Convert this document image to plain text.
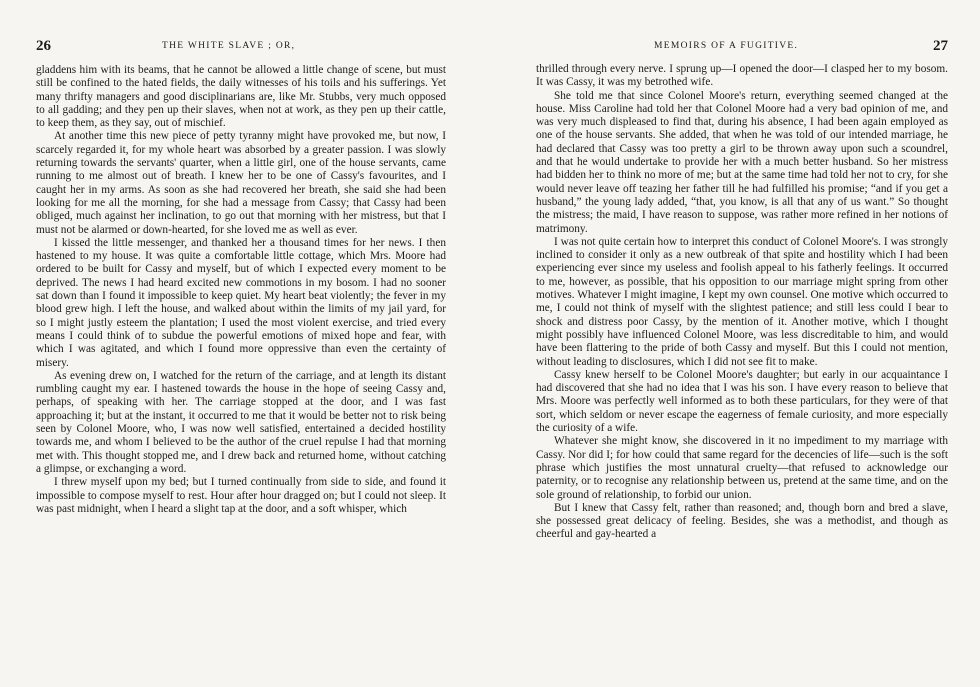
26	THE WHITE SLAVE ; OR,

gladdens him with its beams, that he cannot be allowed a little change of scene, but must still be confined to the hated fields, the daily witnesses of his toils and his sufferings. Yet many thrifty managers and good disciplinarians are, like Mr. Stubbs, very much opposed to all gadding; and they pen up their slaves, when not at work, as they pen up their cattle, to keep them, as they say, out of mischief.

At another time this new piece of petty tyranny might have provoked me, but now, I scarcely regarded it, for my whole heart was absorbed by a greater passion. I was slowly returning towards the servants' quarter, when a little girl, one of the house servants, came running to me almost out of breath. I knew her to be one of Cassy's favourites, and I caught her in my arms. As soon as she had recovered her breath, she said she had been looking for me all the morning, for she had a message from Cassy; that Cassy had been obliged, much against her inclination, to go out that morning with her mistress, but that I must not be alarmed or down-hearted, for she loved me as well as ever.

I kissed the little messenger, and thanked her a thousand times for her news. I then hastened to my house. It was quite a comfortable little cottage, which Mrs. Moore had ordered to be built for Cassy and myself, but of which I expected every moment to be deprived. The news I had heard excited new commotions in my bosom. I had no sooner sat down than I found it impossible to keep quiet. My heart beat violently; the fever in my blood grew high. I left the house, and walked about within the limits of my jail yard, for so I might justly esteem the plantation; I used the most violent exercise, and tried every means I could think of to subdue the powerful emotions of mixed hope and fear, with which I was agitated, and which I found more oppressive than even the certainty of misery.

As evening drew on, I watched for the return of the carriage, and at length its distant rumbling caught my ear. I hastened towards the house in the hope of seeing Cassy and, perhaps, of speaking with her. The carriage stopped at the door, and I was fast approaching it; but at the instant, it occurred to me that it would be better not to risk being seen by Colonel Moore, who, I was now well satisfied, entertained a decided hostility towards me, and whom I believed to be the author of the cruel repulse I had that morning met with. This thought stopped me, and I drew back and returned home, without catching a glimpse, or exchanging a word.

I threw myself upon my bed; but I turned continually from side to side, and found it impossible to compose myself to rest. Hour after hour dragged on; but I could not sleep. It was past midnight, when I heard a slight tap at the door, and a soft whisper, which

MEMOIRS OF A FUGITIVE.	27

thrilled through every nerve. I sprung up—I opened the door—I clasped her to my bosom. It was Cassy, it was my betrothed wife.

She told me that since Colonel Moore's return, everything seemed changed at the house. Miss Caroline had told her that Colonel Moore had a very bad opinion of me, and was very much displeased to find that, during his absence, I had been again employed as one of the house servants. She added, that when he was told of our intended marriage, he had declared that Cassy was too pretty a girl to be thrown away upon such a scoundrel, and that he would undertake to provide her with a much better husband. So her mistress had bidden her to think no more of me; but at the same time had told her not to cry, for she would never leave off teazing her father till he had fulfilled his promise; “and if you get a husband,” the young lady added, “that, you know, is all that any of us want.” So thought the mistress; the maid, I have reason to suppose, was rather more refined in her notions of matrimony.

I was not quite certain how to interpret this conduct of Colonel Moore's. I was strongly inclined to consider it only as a new outbreak of that spite and hostility which I had been experiencing ever since my useless and foolish appeal to his fatherly feelings. It occurred to me, however, as possible, that his opposition to our marriage might spring from other motives. Whatever I might imagine, I kept my own counsel. One motive which occurred to me, I could not think of myself with the slightest patience; and still less could I bear to shock and distress poor Cassy, by the mention of it. Another motive, which I thought might possibly have influenced Colonel Moore, was less discreditable to him, and would have been flattering to the pride of both Cassy and myself. But this I could not mention, without leading to disclosures, which I did not see fit to make.

Cassy knew herself to be Colonel Moore's daughter; but early in our acquaintance I had discovered that she had no idea that I was his son. I have every reason to believe that Mrs. Moore was perfectly well informed as to both these particulars, for they were of that sort, which seldom or never escape the eagerness of female curiosity, and more especially the curiosity of a wife.

Whatever she might know, she discovered in it no impediment to my marriage with Cassy. Nor did I; for how could that same regard for the decencies of life—such is the soft phrase which justifies the most unnatural cruelty—that refused to acknowledge our paternity, or to recognise any relationship between us, pretend at the same time, and on the sole ground of relationship, to forbid our union.

But I knew that Cassy felt, rather than reasoned; and, though born and bred a slave, she possessed great delicacy of feeling. Besides, she was a methodist, and though as cheerful and gay-hearted a
